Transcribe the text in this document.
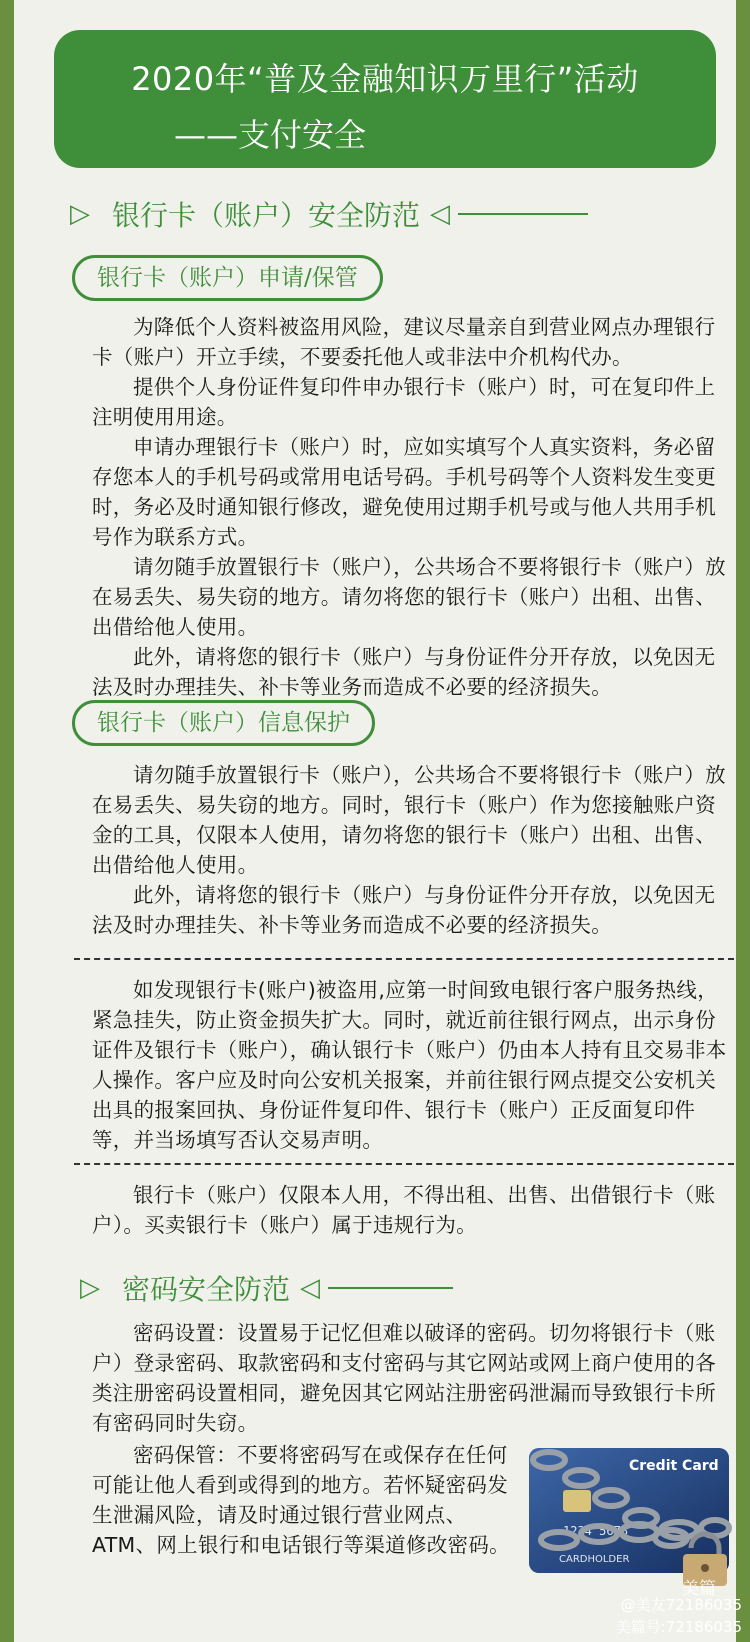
2020年“普及金融知识万里行”活动
——支付安全
▷ 银行卡（账户）安全防范 ◁
银行卡（账户）申请/保管

为降低个人资料被盗用风险，建议尽量亲自到营业网点办理银行卡（账户）开立手续，不要委托他人或非法中介机构代办。

提供个人身份证件复印件申办银行卡（账户）时，可在复印件上注明使用用途。

申请办理银行卡（账户）时，应如实填写个人真实资料，务必留存您本人的手机号码或常用电话号码。手机号码等个人资料发生变更时，务必及时通知银行修改，避免使用过期手机号或与他人共用手机号作为联系方式。

请勿随手放置银行卡（账户），公共场合不要将银行卡（账户）放在易丢失、易失窃的地方。请勿将您的银行卡（账户）出租、出售、出借给他人使用。

此外，请将您的银行卡（账户）与身份证件分开存放，以免因无法及时办理挂失、补卡等业务而造成不必要的经济损失。

银行卡（账户）信息保护

请勿随手放置银行卡（账户），公共场合不要将银行卡（账户）放在易丢失、易失窃的地方。同时，银行卡（账户）作为您接触账户资金的工具，仅限本人使用，请勿将您的银行卡（账户）出租、出售、出借给他人使用。

此外，请将您的银行卡（账户）与身份证件分开存放，以免因无法及时办理挂失、补卡等业务而造成不必要的经济损失。

如发现银行卡(账户)被盗用,应第一时间致电银行客户服务热线，紧急挂失，防止资金损失扩大。同时，就近前往银行网点，出示身份证件及银行卡（账户），确认银行卡（账户）仍由本人持有且交易非本人操作。客户应及时向公安机关报案，并前往银行网点提交公安机关出具的报案回执、身份证件复印件、银行卡（账户）正反面复印件等，并当场填写否认交易声明。

银行卡（账户）仅限本人用，不得出租、出售、出借银行卡（账户）。买卖银行卡（账户）属于违规行为。

▷ 密码安全防范 ◁

密码设置：设置易于记忆但难以破译的密码。切勿将银行卡（账户）登录密码、取款密码和支付密码与其它网站或网上商户使用的各类注册密码设置相同，避免因其它网站注册密码泄漏而导致银行卡所有密码同时失窃。

密码保管：不要将密码写在或保存在任何可能让他人看到或得到的地方。若怀疑密码发生泄漏风险，请及时通过银行营业网点、ATM、网上银行和电话银行等渠道修改密码。

Credit Card
1234 5678
CARDHOLDER
美篇
@美友72186035
美篇号:72186035
